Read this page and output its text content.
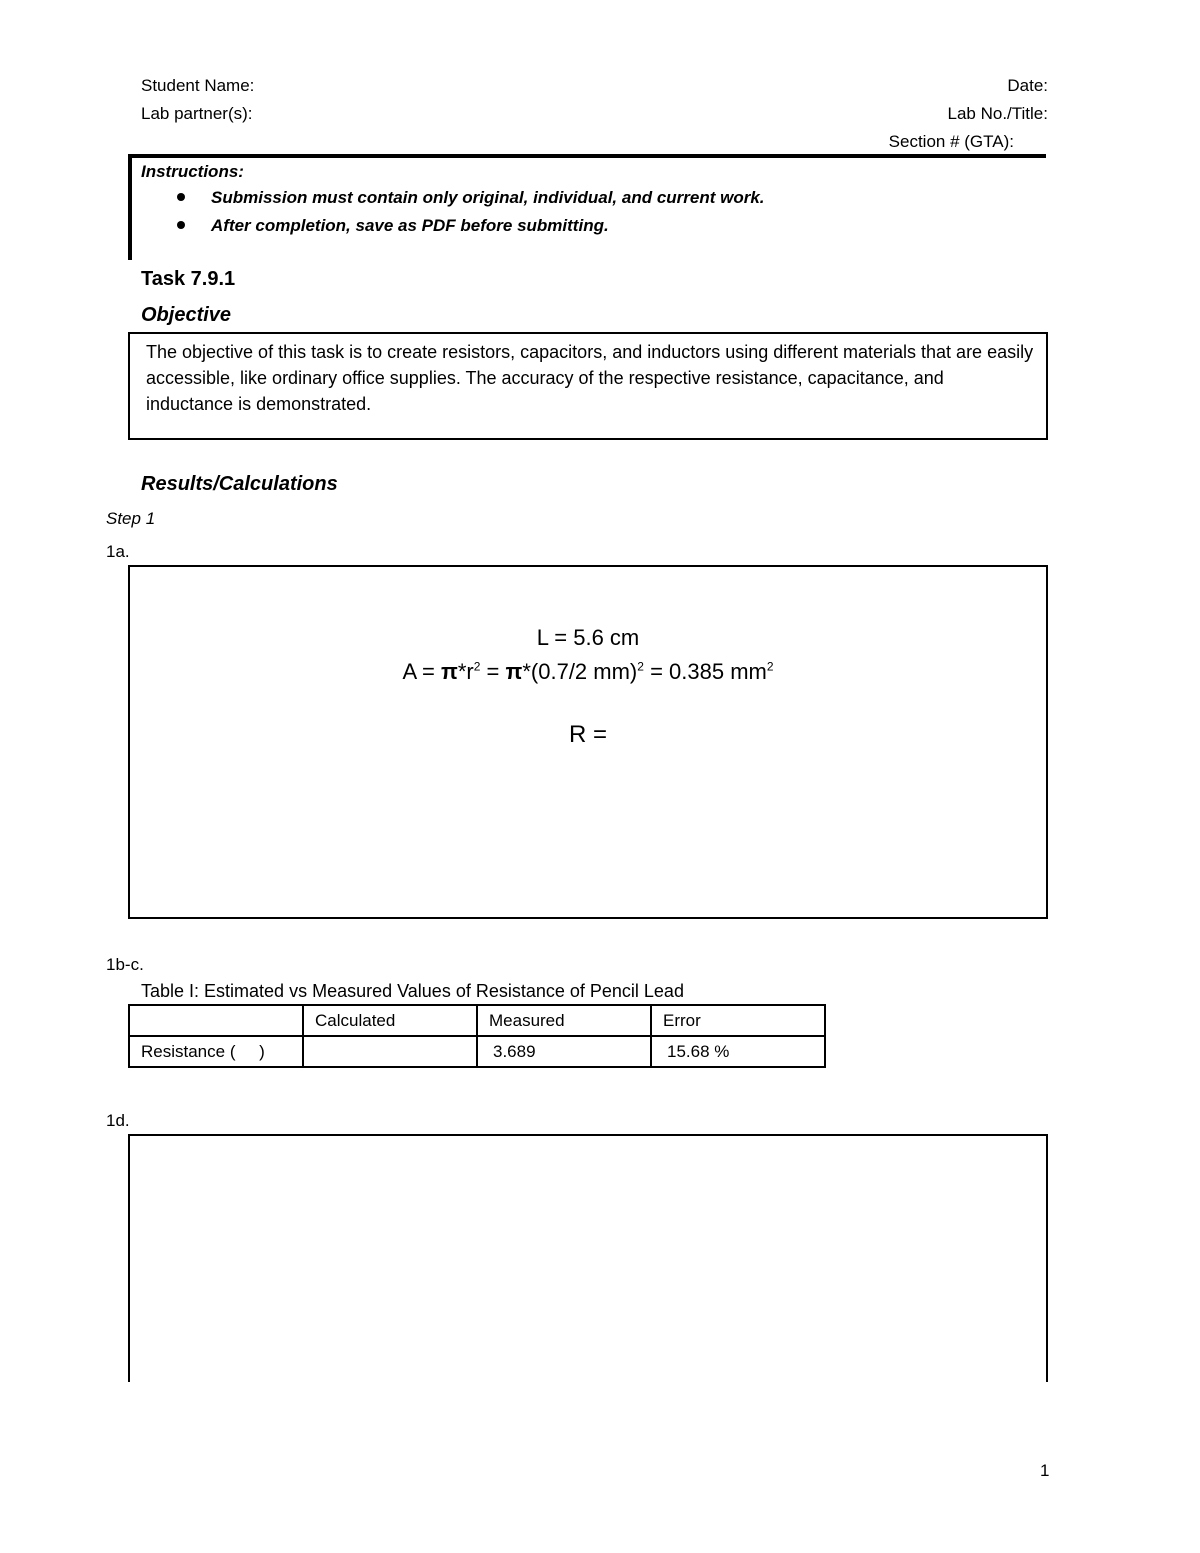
Student Name:	Date:
Lab partner(s):	Lab No./Title:
Section # (GTA):
Instructions:
Submission must contain only original, individual, and current work.
After completion, save as PDF before submitting.
Task 7.9.1
Objective
The objective of this task is to create resistors, capacitors, and inductors using different materials that are easily accessible, like ordinary office supplies. The accuracy of the respective resistance, capacitance, and inductance is demonstrated.
Results/Calculations
Step 1
1a.
L = 5.6 cm
$A = \pi*r^2 = \pi*(0.7/2$ mm)$^2$ = 0.385 $mm^2$
R =
1b-c.
Table I: Estimated vs Measured Values of Resistance of Pencil Lead
	Calculated	Measured	Error
Resistance (     )		3.689	15.68 %
1d.
1
